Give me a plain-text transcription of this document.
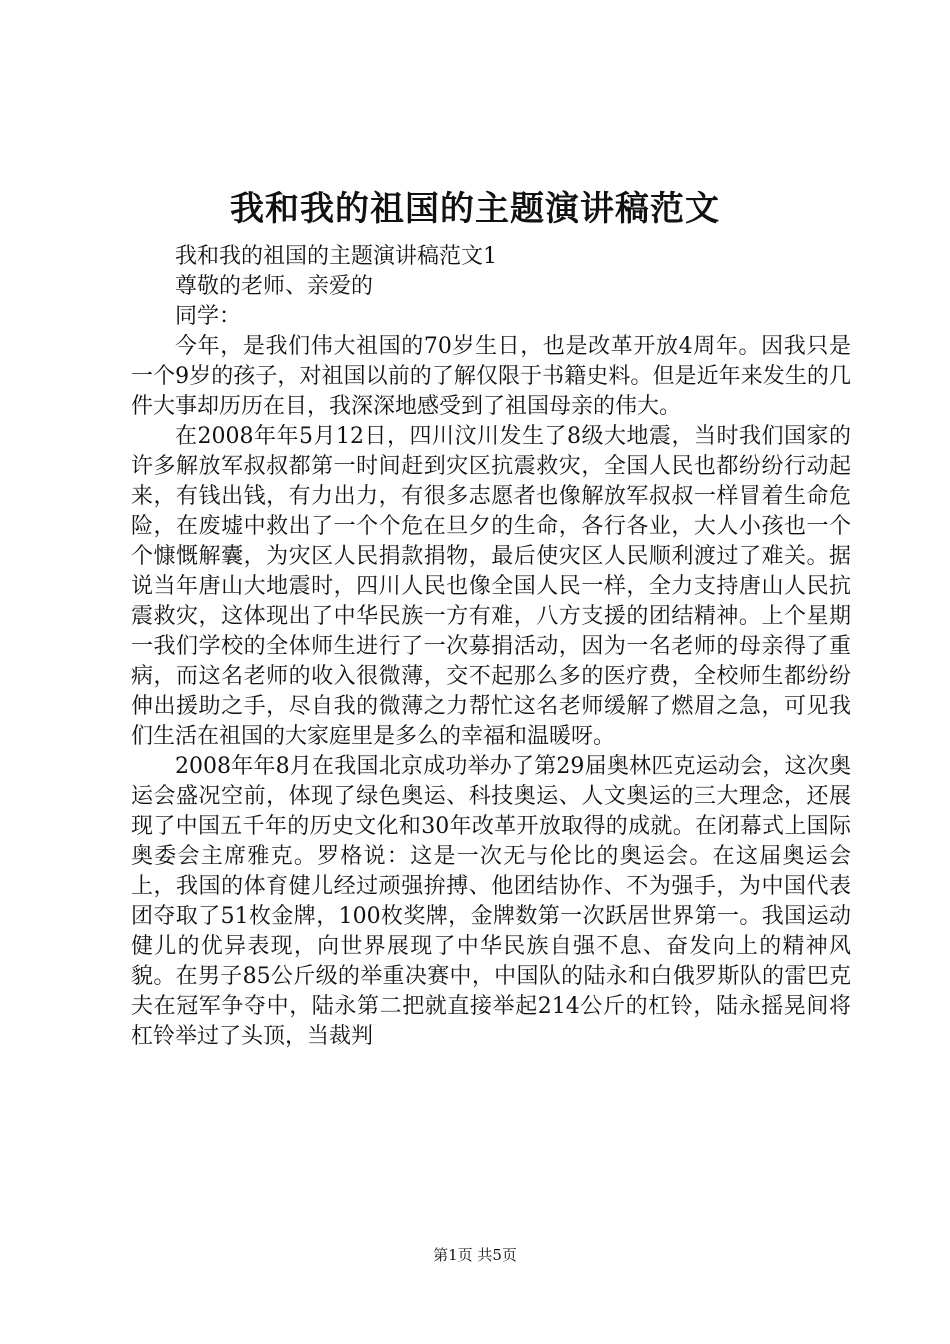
我和我的祖国的主题演讲稿范文

我和我的祖国的主题演讲稿范文1

尊敬的老师、亲爱的

同学：

今年，是我们伟大祖国的70岁生日，也是改革开放4周年。因我只是一个9岁的孩子，对祖国以前的了解仅限于书籍史料。但是近年来发生的几件大事却历历在目，我深深地感受到了祖国母亲的伟大。

在2008年年5月12日，四川汶川发生了8级大地震，当时我们国家的许多解放军叔叔都第一时间赶到灾区抗震救灾，全国人民也都纷纷行动起来，有钱出钱，有力出力，有很多志愿者也像解放军叔叔一样冒着生命危险，在废墟中救出了一个个危在旦夕的生命，各行各业，大人小孩也一个个慷慨解囊，为灾区人民捐款捐物，最后使灾区人民顺利渡过了难关。据说当年唐山大地震时，四川人民也像全国人民一样，全力支持唐山人民抗震救灾，这体现出了中华民族一方有难，八方支援的团结精神。上个星期一我们学校的全体师生进行了一次募捐活动，因为一名老师的母亲得了重病，而这名老师的收入很微薄，交不起那么多的医疗费，全校师生都纷纷伸出援助之手，尽自我的微薄之力帮忙这名老师缓解了燃眉之急，可见我们生活在祖国的大家庭里是多么的幸福和温暖呀。

2008年年8月在我国北京成功举办了第29届奥林匹克运动会，这次奥运会盛况空前，体现了绿色奥运、科技奥运、人文奥运的三大理念，还展现了中国五千年的历史文化和30年改革开放取得的成就。在闭幕式上国际奥委会主席雅克。罗格说：这是一次无与伦比的奥运会。在这届奥运会上，我国的体育健儿经过顽强拚搏、他团结协作、不为强手，为中国代表团夺取了51枚金牌，100枚奖牌，金牌数第一次跃居世界第一。我国运动健儿的优异表现，向世界展现了中华民族自强不息、奋发向上的精神风貌。在男子85公斤级的举重决赛中，中国队的陆永和白俄罗斯队的雷巴克夫在冠军争夺中，陆永第二把就直接举起214公斤的杠铃，陆永摇晃间将杠铃举过了头顶，当裁判

第1页 共5页
